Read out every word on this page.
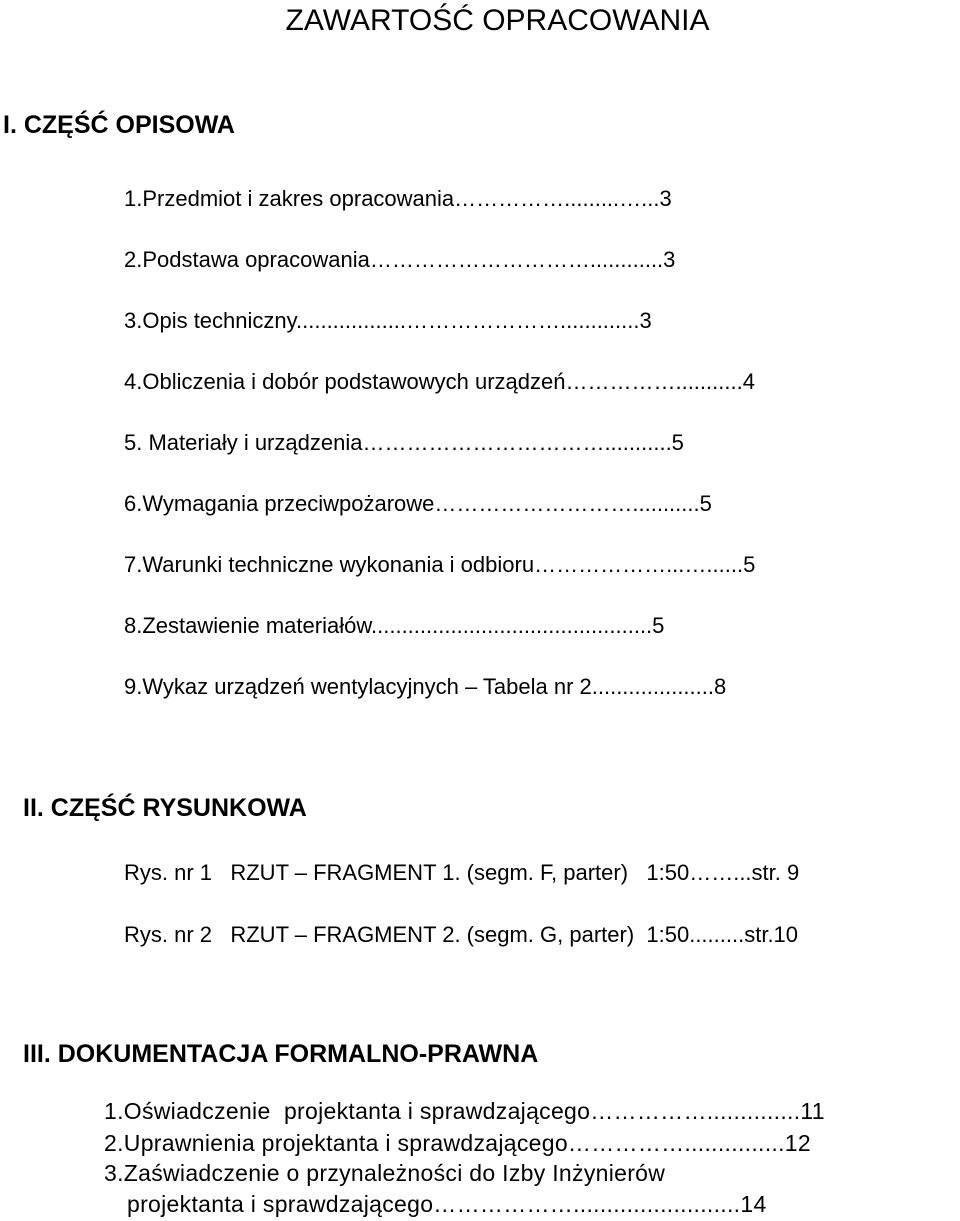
ZAWARTOŚĆ OPRACOWANIA
I. CZĘŚĆ OPISOWA
1.Przedmiot i zakres opracowania…………….........…...3
2.Podstawa opracowania…………………………............3
3.Opis techniczny..................………………….............3
4.Obliczenia i dobór podstawowych urządzeń……………...........4
5. Materiały i urządzenia……………………………...........5
6.Wymagania przeciwpożarowe………………………...........5
7.Warunki techniczne wykonania i odbioru………………...…......5
8.Zestawienie materiałów..............................................5
9.Wykaz urządzeń wentylacyjnych – Tabela nr 2....................8
II. CZĘŚĆ RYSUNKOWA
Rys. nr 1   RZUT – FRAGMENT 1. (segm. F, parter)   1:50……...str. 9
Rys. nr 2   RZUT – FRAGMENT 2. (segm. G, parter)  1:50.........str.10
III. DOKUMENTACJA FORMALNO-PRAWNA
1.Oświadczenie  projektanta i sprawdzającego……………..............11
2.Uprawnienia projektanta i sprawdzającego……………...............12
3.Zaświadczenie o przynależności do Izby Inżynierów
projektanta i sprawdzającego……………….........................14
